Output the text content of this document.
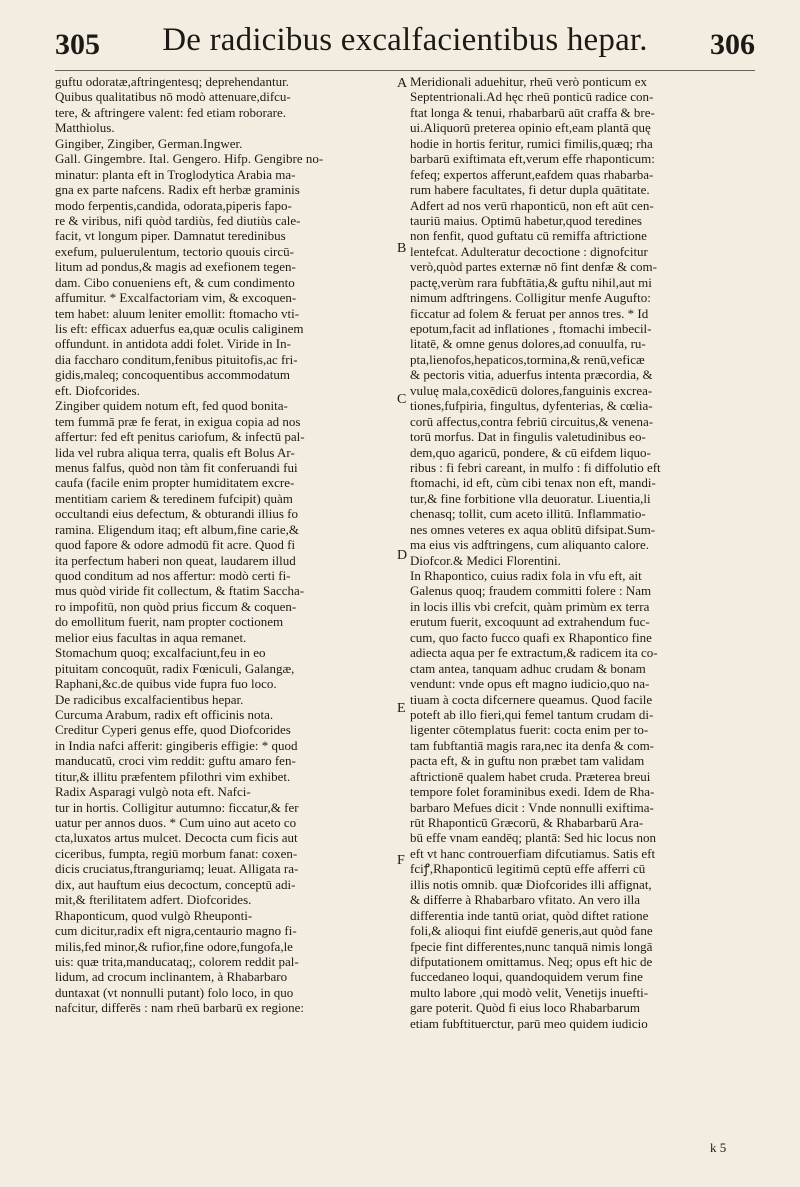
305	De radicibus excalfacientibus hepar.	306
guftu odoratæ,aftringentesq; deprehendantur.
Quibus qualitatibus nō modò attenuare,difcu-
tere, & aftringere valent: fed etiam roborare.
Matthiolus.
Gingiber, Zingiber, German.Ingwer.
Gall. Gingembre. Ital. Gengero. Hifp. Gengibre no-
minatur: planta eft in Troglodytica Arabia ma-
gna ex parte nafcens. Radix eft herbæ graminis
modo ferpentis,candida, odorata,piperis fapo-
re & viribus, nifi quòd tardiùs, fed diutiùs cale-
facit, vt longum piper. Damnatut teredinibus
exefum, puluerulentum, tectorio quouis circū-
litum ad pondus,& magis ad exefionem tegen-
dam. Cibo conueniens eft, & cum condimento
affumitur. * Excalfactoriam vim, & excoquen-
tem habet: aluum leniter emollit: ftomacho vti-
lis eft: efficax aduerfus ea,quæ oculis caliginem
offundunt. in antidota addi folet. Viride in In-
dia faccharo conditum,fenibus pituitofis,ac fri-
gidis,maleq; concoquentibus accommodatum
eft. Diofcorides.
Zingiber quidem notum eft, fed quod bonita-
tem fummā præ fe ferat, in exigua copia ad nos
affertur: fed eft penitus cariofum, & infectū pal-
lida vel rubra aliqua terra, qualis eft Bolus Ar-
menus falfus, quòd non tàm fit conferuandi fui
caufa (facile enim propter humiditatem excre-
mentitiam cariem & teredinem fufcipit) quàm
occultandi eius defectum, & obturandi illius fo
ramina. Eligendum itaq; eft album,fine carie,&
quod fapore & odore admodū fit acre. Quod fi
ita perfectum haberi non queat, laudarem illud
quod conditum ad nos affertur: modò certi fi-
mus quòd viride fit collectum, & ftatim Saccha-
ro impofitū, non quòd prius ficcum & coquen-
do emollitum fuerit, nam propter coctionem
melior eius facultas in aqua remanet.
Stomachum quoq; excalfaciunt,feu in eo
pituitam concoquūt, radix Fœniculi, Galangæ,
Raphani,&c.de quibus vide fupra fuo loco.
De radicibus excalfacientibus hepar.
Curcuma Arabum, radix eft officinis nota.
Creditur Cyperi genus effe, quod Diofcorides
in India nafci afferit: gingiberis effigie: * quod
manducatū, croci vim reddit: guftu amaro fen-
titur,& illitu præfentem pfilothri vim exhibet.
Radix Asparagi vulgò nota eft. Nafci-
tur in hortis. Colligitur autumno: ficcatur,& fer
uatur per annos duos. * Cum uino aut aceto co
cta,luxatos artus mulcet. Decocta cum ficis aut
ciceribus, fumpta, regiū morbum fanat: coxen-
dicis cruciatus,ftranguriamq; leuat. Alligata ra-
dix, aut hauftum eius decoctum, conceptū adi-
mit,& fterilitatem adfert. Diofcorides.
Rhaponticum, quod vulgò Rheuponti-
cum dicitur,radix eft nigra,centaurio magno fi-
milis,fed minor,& rufior,fine odore,fungofa,le
uis: quæ trita,manducataq;, colorem reddit pal-
lidum, ad crocum inclinantem, à Rhabarbaro
duntaxat (vt nonnulli putant) folo loco, in quo
nafcitur, differēs : nam rheū barbarū ex regione:
Meridionali aduehitur, rheū verò ponticum ex
Septentrionali.Ad hęc rheū ponticū radice con-
ftat longa & tenui, rhabarbarū aūt craffa & bre-
ui.Aliquorū preterea opinio eft,eam plantā quę
hodie in hortis feritur, rumici fimilis,quæq; rha
barbarū exiftimata eft,verum effe rhaponticum:
fefeq; expertos afferunt,eafdem quas rhabarba-
rum habere facultates, fi detur dupla quātitate.
Adfert ad nos verū rhaponticū, non eft aūt cen-
tauriū maius. Optimū habetur,quod teredines
non fenfit, quod guftatu cū remiffa aftrictione
lentefcat. Adulteratur decoctione : dignofcitur
verò,quòd partes externæ nō fint denfæ & com-
pactę,verùm rara fubftātia,& guftu nihil,aut mi
nimum adftringens. Colligitur menfe Augufto:
ficcatur ad folem & feruat per annos tres. * Id
epotum,facit ad inflationes , ftomachi imbecil-
litatē, & omne genus dolores,ad conuulfa, ru-
pta,lienofos,hepaticos,tormina,& renū,veficæ
& pectoris vitia, aduerfus intenta præcordia, &
vuluę mala,coxēdicū dolores,fanguinis excrea-
tiones,fufpiria, fingultus, dyfenterias, & cœlia-
corū affectus,contra febriū circuitus,& venena-
torū morfus. Dat in fingulis valetudinibus eo-
dem,quo agaricū, pondere, & cū eifdem liquo-
ribus : fi febri careant, in mulfo : fi diffolutio eft
ftomachi, id eft, cùm cibi tenax non eft, mandi-
tur,& fine forbitione vlla deuoratur. Liuentia,li
chenasq; tollit, cum aceto illitū. Inflammatio-
nes omnes veteres ex aqua oblitū difsipat.Sum-
ma eius vis adftringens, cum aliquanto calore.
Diofcor.& Medici Florentini.
In Rhapontico, cuius radix fola in vfu eft, ait
Galenus quoq; fraudem committi folere : Nam
in locis illis vbi crefcit, quàm primùm ex terra
erutum fuerit, excoquunt ad extrahendum fuc-
cum, quo facto fucco quafi ex Rhapontico fine
adiecta aqua per fe extractum,& radicem ita co-
ctam antea, tanquam adhuc crudam & bonam
vendunt: vnde opus eft magno iudicio,quo na-
tiuam à cocta difcernere queamus. Quod facile
poteft ab illo fieri,qui femel tantum crudam di-
ligenter cōtemplatus fuerit: cocta enim per to-
tam fubftantiā magis rara,nec ita denfa & com-
pacta eft, & in guftu non præbet tam validam
aftrictionē qualem habet cruda. Præterea breui
tempore folet foraminibus exedi. Idem de Rha-
barbaro Mefues dicit : Vnde nonnulli exiftima-
rūt Rhaponticū Græcorū, & Rhabarbarū Ara-
bū effe vnam eandēq; plantā: Sed hic locus non
eft vt hanc controuerfiam difcutiamus. Satis eft
fciꝭ,Rhaponticū legitimū ceptū effe afferri cū
illis notis omnib. quæ Diofcorides illi affignat,
& differre à Rhabarbaro vfitato. An vero illa
differentia inde tantū oriat, quòd diftet ratione
foli,& alioqui fint eiufdē generis,aut quòd fane
fpecie fint differentes,nunc tanquā nimis longā
difputationem omittamus. Neq; opus eft hic de
fuccedaneo loqui, quandoquidem verum fine
multo labore ,qui modò velit, Venetijs inuefti-
gare poterit. Quòd fi eius loco Rhabarbarum
etiam fubftituerctur, parū meo quidem iudicio
A
B
C
D
E
F
k 5
